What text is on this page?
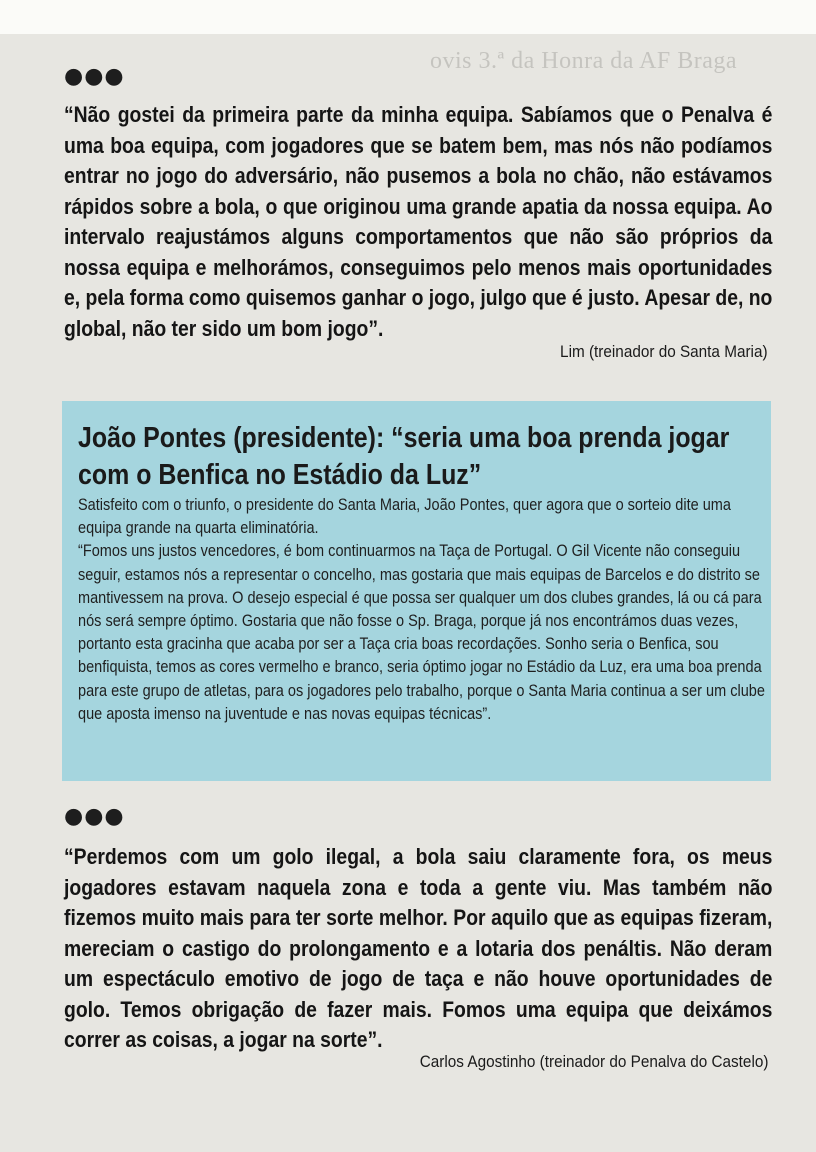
ovis 3.ª da Honra da AF Braga
●●●
“Não gostei da primeira parte da minha equipa. Sabíamos que o Penalva é uma boa equipa, com jogadores que se batem bem, mas nós não podíamos entrar no jogo do adversário, não pusemos a bola no chão, não estávamos rápidos sobre a bola, o que originou uma grande apatia da nossa equipa. Ao intervalo reajustámos alguns comportamentos que não são próprios da nossa equipa e melhorámos, conseguimos pelo menos mais oportunidades e, pela forma como quisemos ganhar o jogo, julgo que é justo. Apesar de, no global, não ter sido um bom jogo”.
Lim (treinador do Santa Maria)
João Pontes (presidente): “seria uma boa prenda jogar com o Benfica no Estádio da Luz”

Satisfeito com o triunfo, o presidente do Santa Maria, João Pontes, quer agora que o sorteio dite uma equipa grande na quarta eliminatória.

“Fomos uns justos vencedores, é bom continuarmos na Taça de Portugal. O Gil Vicente não conseguiu seguir, estamos nós a representar o concelho, mas gostaria que mais equipas de Barcelos e do distrito se mantivessem na prova. O desejo especial é que possa ser qualquer um dos clubes grandes, lá ou cá para nós será sempre óptimo. Gostaria que não fosse o Sp. Braga, porque já nos encontrámos duas vezes, portanto esta gracinha que acaba por ser a Taça cria boas recordações. Sonho seria o Benfica, sou benfiquista, temos as cores vermelho e branco, seria óptimo jogar no Estádio da Luz, era uma boa prenda para este grupo de atletas, para os jogadores pelo trabalho, porque o Santa Maria continua a ser um clube que aposta imenso na juventude e nas novas equipas técnicas”.

●●●
“Perdemos com um golo ilegal, a bola saiu claramente fora, os meus jogadores estavam naquela zona e toda a gente viu. Mas também não fizemos muito mais para ter sorte melhor. Por aquilo que as equipas fizeram, mereciam o castigo do prolongamento e a lotaria dos penáltis. Não deram um espectáculo emotivo de jogo de taça e não houve oportunidades de golo. Temos obrigação de fazer mais. Fomos uma equipa que deixámos correr as coisas, a jogar na sorte”.
Carlos Agostinho (treinador do Penalva do Castelo)
